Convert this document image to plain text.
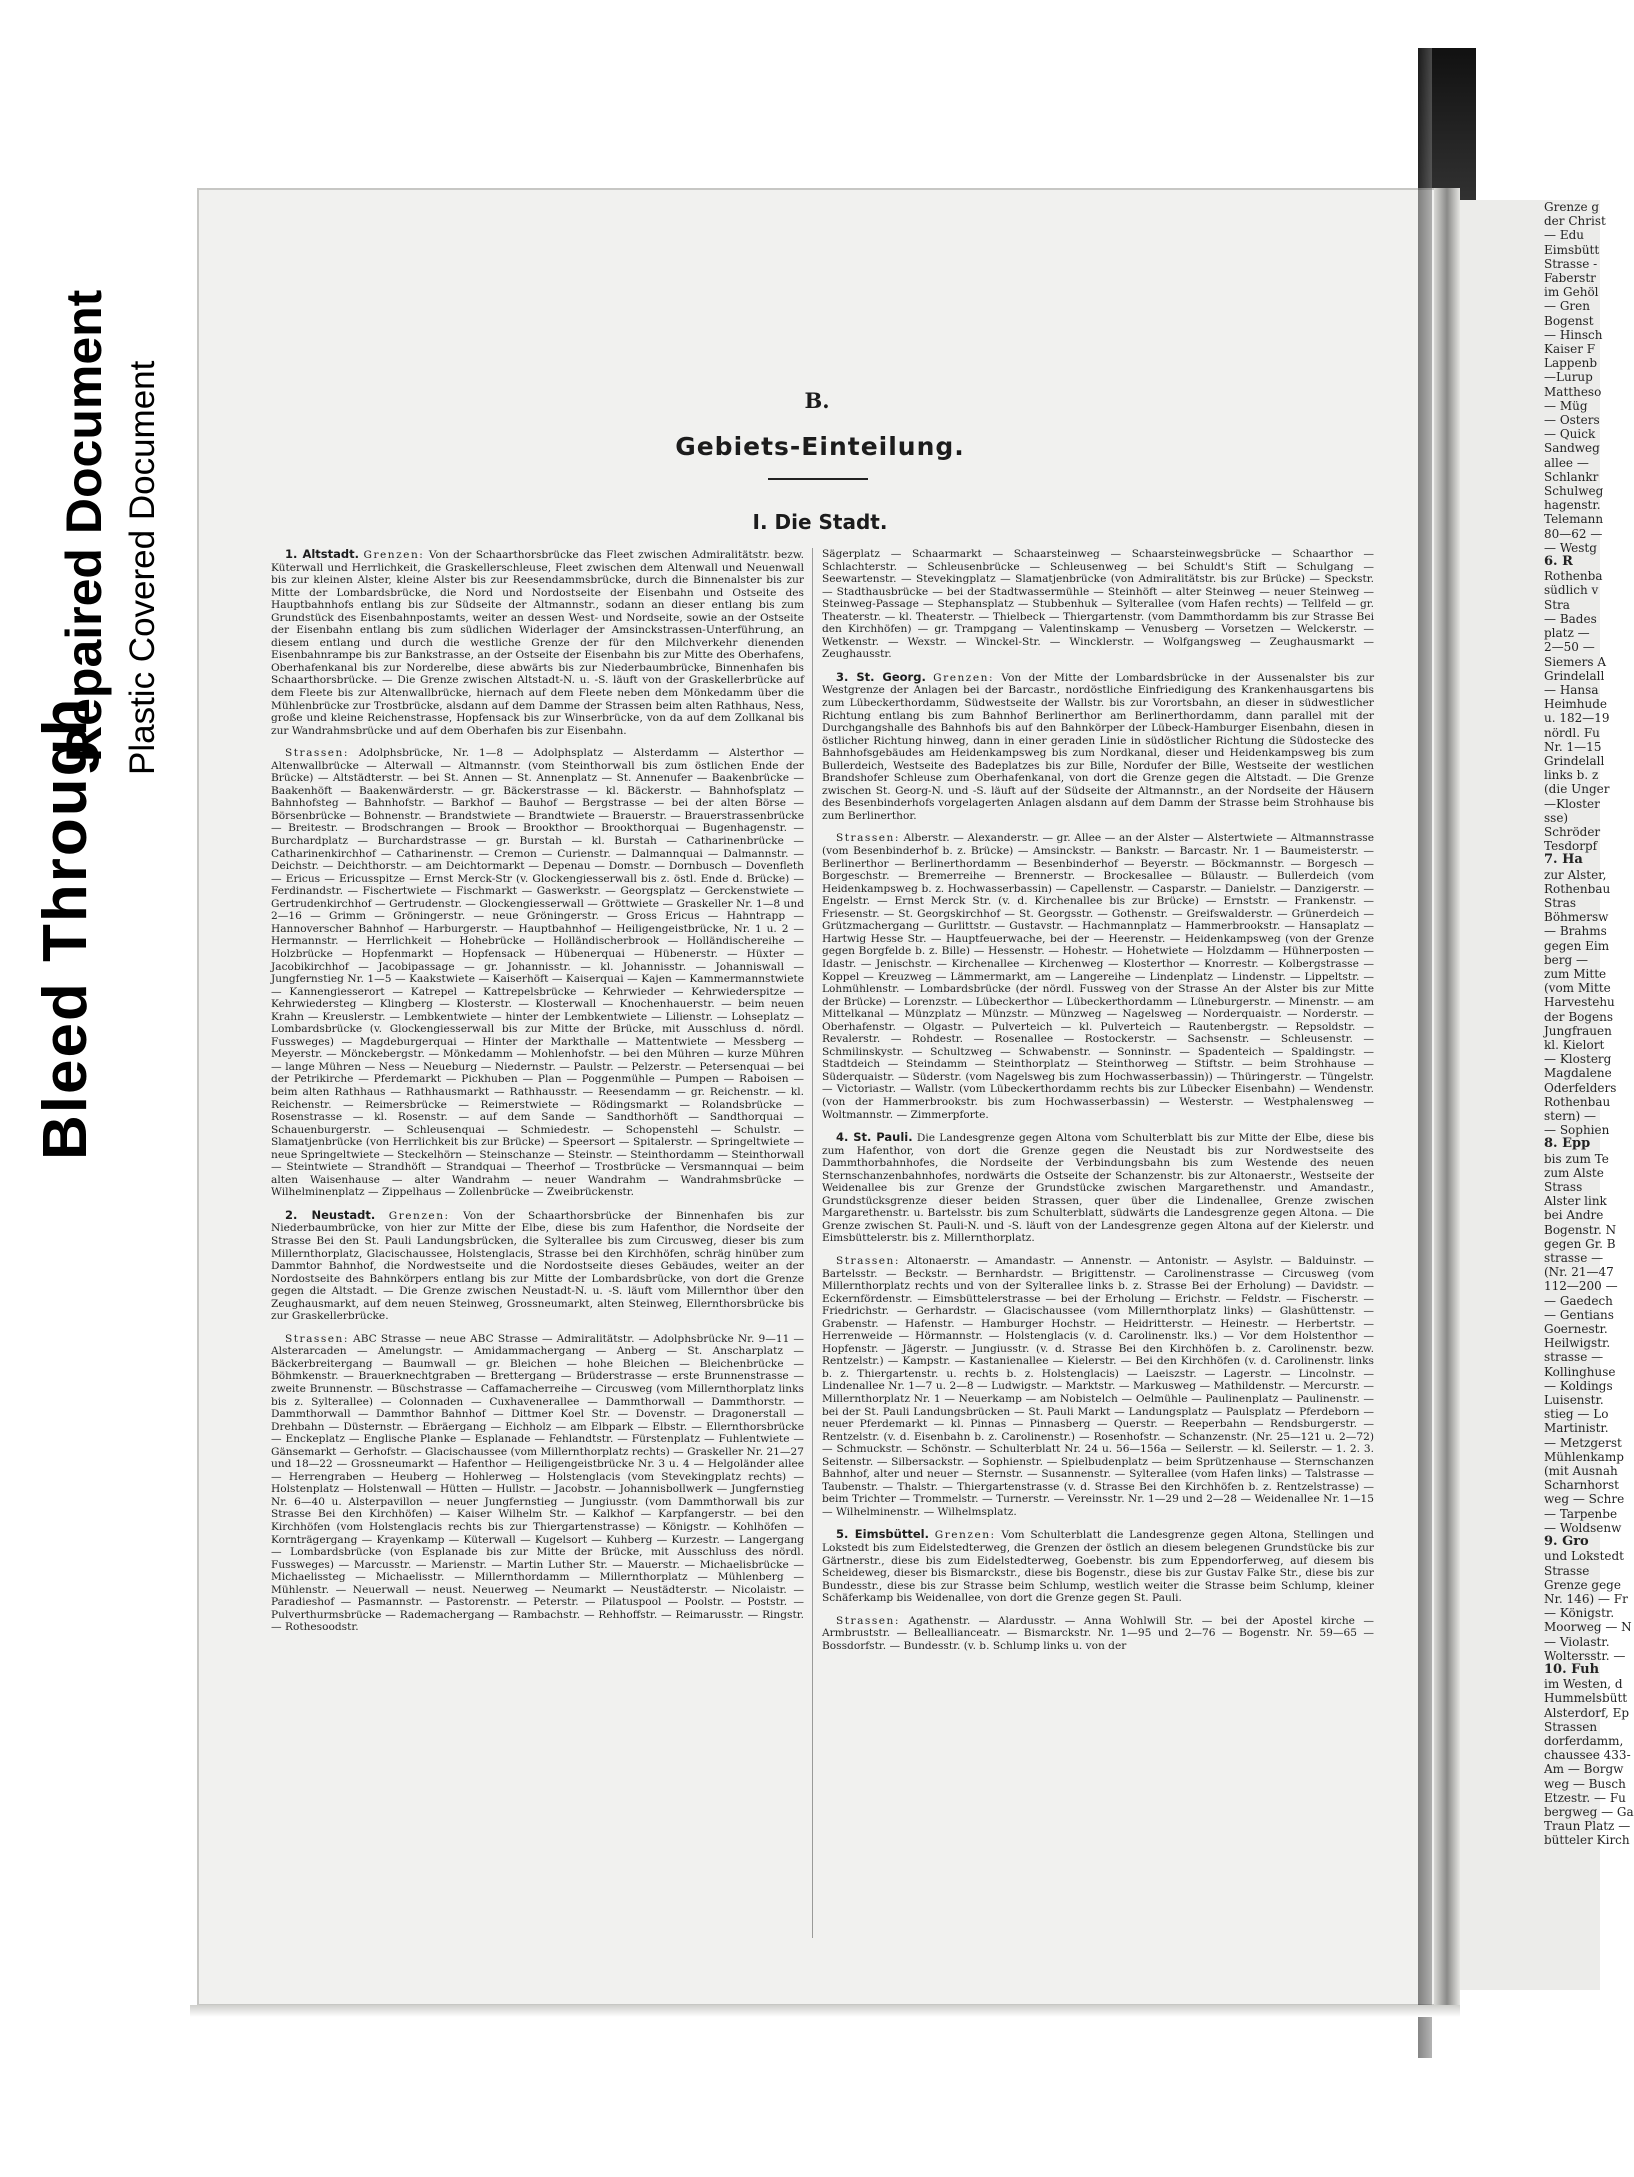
Bleed Through
Repaired Document Plastic Covered Document
Grenze g
der Christ
— Edu
Eimsbütt
Strasse -
Faberstr
im Gehöl
— Gren
Bogenst
— Hinsch
Kaiser F
Lappenb
—Lurup
Mattheso
— Müg
— Osters
— Quick
Sandweg
allee —
Schlankr
Schulweg
hagenstr.
Telemann
80—62 —
— Westg
6. R
Rothenba
südlich v
Stra
— Bades
platz —
2—50 —
Siemers A
Grindelall
— Hansa
Heimhude
u. 182—19
nördl. Fu
Nr. 1—15
Grindelall
links b. z
(die Unger
—Kloster
sse)
Schröder
Tesdorpf
7. Ha
zur Alster,
Rothenbau
Stras
Böhmersw
— Brahms
gegen Eim
berg —
zum Mitte
(vom Mitte
Harvestehu
der Bogens
Jungfrauen
kl. Kielort
— Klosterg
Magdalene
Oderfelders
Rothenbau
stern) —
— Sophien
8. Epp
bis zum Te
zum Alste
Strass
Alster link
bei Andre
Bogenstr. N
gegen Gr. B
strasse —
(Nr. 21—47
112—200 —
— Gaedech
— Gentians
Goernestr.
Heilwigstr.
strasse —
Kollinghuse
— Koldings
Luisenstr.
stieg — Lo
Martinistr.
— Metzgerst
Mühlenkamp
(mit Ausnah
Scharnhorst
weg — Schre
— Tarpenbe
— Woldsenw
9. Gro
und Lokstedt
Strasse
Grenze gege
Nr. 146) — Fr
— Königstr.
Moorweg — N
— Violastr.
Woltersstr. —
10. Fuh
im Westen, d
Hummelsbütt
Alsterdorf, Ep
Strassen
dorferdamm,
chaussee 433-
Am — Borgw
weg — Busch
Etzestr. — Fu
bergweg — Ga
Traun Platz —
bütteler Kirch
B.
Gebiets-Einteilung.
I. Die Stadt.

1. Altstadt. Grenzen: Von der Schaarthorsbrücke das Fleet zwischen Admiralitätstr. bezw. Küterwall und Herrlichkeit, die Graskellerschleuse, Fleet zwischen dem Altenwall und Neuenwall bis zur kleinen Alster, kleine Alster bis zur Reesendammsbrücke, durch die Binnenalster bis zur Mitte der Lombardsbrücke, die Nord und Nordostseite der Eisenbahn und Ostseite des Hauptbahnhofs entlang bis zur Südseite der Altmannstr., sodann an dieser entlang bis zum Grundstück des Eisenbahnpostamts, weiter an dessen West- und Nordseite, sowie an der Ostseite der Eisenbahn entlang bis zum südlichen Widerlager der Amsinckstrassen-Unterführung, an diesem entlang und durch die westliche Grenze der für den Milchverkehr dienenden Eisenbahnrampe bis zur Bankstrasse, an der Ostseite der Eisenbahn bis zur Mitte des Oberhafens, Oberhafenkanal bis zur Norderelbe, diese abwärts bis zur Niederbaumbrücke, Binnenhafen bis Schaarthorsbrücke. — Die Grenze zwischen Altstadt-N. u. -S. läuft von der Graskellerbrücke auf dem Fleete bis zur Altenwallbrücke, hiernach auf dem Fleete neben dem Mönkedamm über die Mühlenbrücke zur Trostbrücke, alsdann auf dem Damme der Strassen beim alten Rathhaus, Ness, große und kleine Reichenstrasse, Hopfensack bis zur Winserbrücke, von da auf dem Zollkanal bis zur Wandrahmsbrücke und auf dem Oberhafen bis zur Eisenbahn.

Strassen: Adolphsbrücke, Nr. 1—8 — Adolphsplatz — Alsterdamm — Alsterthor — Altenwallbrücke — Alterwall — Altmannstr. (vom Steinthorwall bis zum östlichen Ende der Brücke) — Altstädterstr. — bei St. Annen — St. Annenplatz — St. Annenufer — Baakenbrücke — Baakenhöft — Baakenwärderstr. — gr. Bäckerstrasse — kl. Bäckerstr. — Bahnhofsplatz — Bahnhofsteg — Bahnhofstr. — Barkhof — Bauhof — Bergstrasse — bei der alten Börse — Börsenbrücke — Bohnenstr. — Brandstwiete — Brandtwiete — Brauerstr. — Brauerstrassenbrücke — Breitestr. — Brodschrangen — Brook — Brookthor — Brookthorquai — Bugenhagenstr. — Burchardplatz — Burchardstrasse — gr. Burstah — kl. Burstah — Catharinenbrücke — Catharinenkirchhof — Catharinenstr. — Cremon — Curienstr. — Dalmannquai — Dalmannstr. — Deichstr. — Deichthorstr. — am Deichtormarkt — Depenau — Domstr. — Dornbusch — Dovenfleth — Ericus — Ericusspitze — Ernst Merck-Str (v. Glockengiesserwall bis z. östl. Ende d. Brücke) — Ferdinandstr. — Fischertwiete — Fischmarkt — Gaswerkstr. — Georgsplatz — Gerckenstwiete — Gertrudenkirchhof — Gertrudenstr. — Glockengiesserwall — Gröttwiete — Graskeller Nr. 1—8 und 2—16 — Grimm — Gröningerstr. — neue Gröningerstr. — Gross Ericus — Hahntrapp — Hannoverscher Bahnhof — Harburgerstr. — Hauptbahnhof — Heiligengeistbrücke, Nr. 1 u. 2 — Hermannstr. — Herrlichkeit — Hohebrücke — Holländischerbrook — Holländischereihe — Holzbrücke — Hopfenmarkt — Hopfensack — Hübenerquai — Hübenerstr. — Hüxter — Jacobikirchhof — Jacobipassage — gr. Johannisstr. — kl. Johannisstr. — Johanniswall — Jungfernstieg Nr. 1—5 — Kaakstwiete — Kaiserhöft — Kaiserquai — Kajen — Kammermannstwiete — Kannengiesserort — Katrepel — Kattrepelsbrücke — Kehrwieder — Kehrwiederspitze — Kehrwiedersteg — Klingberg — Klosterstr. — Klosterwall — Knochenhauerstr. — beim neuen Krahn — Kreuslerstr. — Lembkentwiete — hinter der Lembkentwiete — Lilienstr. — Lohseplatz — Lombardsbrücke (v. Glockengiesserwall bis zur Mitte der Brücke, mit Ausschluss d. nördl. Fussweges) — Magdeburgerquai — Hinter der Markthalle — Mattentwiete — Messberg — Meyerstr. — Mönckebergstr. — Mönkedamm — Mohlenhofstr. — bei den Mühren — kurze Mühren — lange Mühren — Ness — Neueburg — Niedernstr. — Paulstr. — Pelzerstr. — Petersenquai — bei der Petrikirche — Pferdemarkt — Pickhuben — Plan — Poggenmühle — Pumpen — Raboisen — beim alten Rathhaus — Rathhausmarkt — Rathhausstr. — Reesendamm — gr. Reichenstr. — kl. Reichenstr. — Reimersbrücke — Reimerstwiete — Rödingsmarkt — Rolandsbrücke — Rosenstrasse — kl. Rosenstr. — auf dem Sande — Sandthorhöft — Sandthorquai — Schauenburgerstr. — Schleusenquai — Schmiedestr. — Schopenstehl — Schulstr. — Slamatjenbrücke (von Herrlichkeit bis zur Brücke) — Speersort — Spitalerstr. — Springeltwiete — neue Springeltwiete — Steckelhörn — Steinschanze — Steinstr. — Steinthordamm — Steinthorwall — Steintwiete — Strandhöft — Strandquai — Theerhof — Trostbrücke — Versmannquai — beim alten Waisenhause — alter Wandrahm — neuer Wandrahm — Wandrahmsbrücke — Wilhelminenplatz — Zippelhaus — Zollenbrücke — Zweibrückenstr.

2. Neustadt. Grenzen: Von der Schaarthorsbrücke der Binnenhafen bis zur Niederbaumbrücke, von hier zur Mitte der Elbe, diese bis zum Hafenthor, die Nordseite der Strasse Bei den St. Pauli Landungsbrücken, die Sylterallee bis zum Circusweg, dieser bis zum Millernthorplatz, Glacischaussee, Holstenglacis, Strasse bei den Kirchhöfen, schräg hinüber zum Dammtor Bahnhof, die Nordwestseite und die Nordostseite dieses Gebäudes, weiter an der Nordostseite des Bahnkörpers entlang bis zur Mitte der Lombardsbrücke, von dort die Grenze gegen die Altstadt. — Die Grenze zwischen Neustadt-N. u. -S. läuft vom Millernthor über den Zeughausmarkt, auf dem neuen Steinweg, Grossneumarkt, alten Steinweg, Ellernthorsbrücke bis zur Graskellerbrücke.

Strassen: ABC Strasse — neue ABC Strasse — Admiralitätstr. — Adolphsbrücke Nr. 9—11 — Alsterarcaden — Amelungstr. — Amidammachergang — Anberg — St. Anscharplatz — Bäckerbreitergang — Baumwall — gr. Bleichen — hohe Bleichen — Bleichenbrücke — Böhmkenstr. — Brauerknechtgraben — Brettergang — Brüderstrasse — erste Brunnenstrasse — zweite Brunnenstr. — Büschstrasse — Caffamacherreihe — Circusweg (vom Millernthorplatz links bis z. Sylterallee) — Colonnaden — Cuxhavenerallee — Dammthorwall — Dammthorstr. — Dammthorwall — Dammthor Bahnhof — Dittmer Koel Str. — Dovenstr. — Dragonerstall — Drehbahn — Düsternstr. — Ebräergang — Eichholz — am Elbpark — Elbstr. — Ellernthorsbrücke — Enckeplatz — Englische Planke — Esplanade — Fehlandtstr. — Fürstenplatz — Fuhlentwiete — Gänsemarkt — Gerhofstr. — Glacischaussee (vom Millernthorplatz rechts) — Graskeller Nr. 21—27 und 18—22 — Grossneumarkt — Hafenthor — Heiligengeistbrücke Nr. 3 u. 4 — Helgoländer allee — Herrengraben — Heuberg — Hohlerweg — Holstenglacis (vom Stevekingplatz rechts) — Holstenplatz — Holstenwall — Hütten — Hullstr. — Jacobstr. — Johannisbollwerk — Jungfernstieg Nr. 6—40 u. Alsterpavillon — neuer Jungfernstieg — Jungiusstr. (vom Dammthorwall bis zur Strasse Bei den Kirchhöfen) — Kaiser Wilhelm Str. — Kalkhof — Karpfangerstr. — bei den Kirchhöfen (vom Holstenglacis rechts bis zur Thiergartenstrasse) — Königstr. — Kohlhöfen — Kornträgergang — Krayenkamp — Küterwall — Kugelsort — Kuhberg — Kurzestr. — Langergang — Lombardsbrücke (von Esplanade bis zur Mitte der Brücke, mit Ausschluss des nördl. Fussweges) — Marcusstr. — Marienstr. — Martin Luther Str. — Mauerstr. — Michaelisbrücke — Michaelissteg — Michaelisstr. — Millernthordamm — Millernthorplatz — Mühlenberg — Mühlenstr. — Neuerwall — neust. Neuerweg — Neumarkt — Neustädterstr. — Nicolaistr. — Paradieshof — Pasmannstr. — Pastorenstr. — Peterstr. — Pilatuspool — Poolstr. — Poststr. — Pulverthurmsbrücke — Rademachergang — Rambachstr. — Rehhoffstr. — Reimarusstr. — Ringstr. — Rothesoodstr.

Sägerplatz — Schaarmarkt — Schaarsteinweg — Schaarsteinwegsbrücke — Schaarthor — Schlachterstr. — Schleusenbrücke — Schleusenweg — bei Schuldt's Stift — Schulgang — Seewartenstr. — Stevekingplatz — Slamatjenbrücke (von Admiralitätstr. bis zur Brücke) — Speckstr. — Stadthausbrücke — bei der Stadtwassermühle — Steinhöft — alter Steinweg — neuer Steinweg — Steinweg-Passage — Stephansplatz — Stubbenhuk — Sylterallee (vom Hafen rechts) — Tellfeld — gr. Theaterstr. — kl. Theaterstr. — Thielbeck — Thiergartenstr. (vom Dammthordamm bis zur Strasse Bei den Kirchhöfen) — gr. Trampgang — Valentinskamp — Venusberg — Vorsetzen — Welckerstr. — Wetkenstr. — Wexstr. — Winckel-Str. — Wincklerstr. — Wolfgangsweg — Zeughausmarkt — Zeughausstr.

3. St. Georg. Grenzen: Von der Mitte der Lombardsbrücke in der Aussenalster bis zur Westgrenze der Anlagen bei der Barcastr., nordöstliche Einfriedigung des Krankenhausgartens bis zum Lübeckerthordamm, Südwestseite der Wallstr. bis zur Vorortsbahn, an dieser in südwestlicher Richtung entlang bis zum Bahnhof Berlinerthor am Berlinerthordamm, dann parallel mit der Durchgangshalle des Bahnhofs bis auf den Bahnkörper der Lübeck-Hamburger Eisenbahn, diesen in östlicher Richtung hinweg, dann in einer geraden Linie in südöstlicher Richtung die Südostecke des Bahnhofsgebäudes am Heidenkampsweg bis zum Nordkanal, dieser und Heidenkampsweg bis zum Bullerdeich, Westseite des Badeplatzes bis zur Bille, Nordufer der Bille, Westseite der westlichen Brandshofer Schleuse zum Oberhafenkanal, von dort die Grenze gegen die Altstadt. — Die Grenze zwischen St. Georg-N. und -S. läuft auf der Südseite der Altmannstr., an der Nordseite der Häusern des Besenbinderhofs vorgelagerten Anlagen alsdann auf dem Damm der Strasse beim Strohhause bis zum Berlinerthor.

Strassen: Alberstr. — Alexanderstr. — gr. Allee — an der Alster — Alstertwiete — Altmannstrasse (vom Besenbinderhof b. z. Brücke) — Amsinckstr. — Bankstr. — Barcastr. Nr. 1 — Baumeisterstr. — Berlinerthor — Berlinerthordamm — Besenbinderhof — Beyerstr. — Böckmannstr. — Borgesch — Borgeschstr. — Bremerreihe — Brennerstr. — Brockesallee — Bülaustr. — Bullerdeich (vom Heidenkampsweg b. z. Hochwasserbassin) — Capellenstr. — Casparstr. — Danielstr. — Danzigerstr. — Engelstr. — Ernst Merck Str. (v. d. Kirchenallee bis zur Brücke) — Ernststr. — Frankenstr. — Friesenstr. — St. Georgskirchhof — St. Georgsstr. — Gothenstr. — Greifswalderstr. — Grünerdeich — Grützmachergang — Gurlittstr. — Gustavstr. — Hachmannplatz — Hammerbrookstr. — Hansaplatz — Hartwig Hesse Str. — Hauptfeuerwache, bei der — Heerenstr. — Heidenkampsweg (von der Grenze gegen Borgfelde b. z. Bille) — Hessenstr. — Hohestr. — Hohetwiete — Holzdamm — Hühnerposten — Idastr. — Jenischstr. — Kirchenallee — Kirchenweg — Klosterthor — Knorrestr. — Kolbergstrasse — Koppel — Kreuzweg — Lämmermarkt, am — Langereihe — Lindenplatz — Lindenstr. — Lippeltstr. — Lohmühlenstr. — Lombardsbrücke (der nördl. Fussweg von der Strasse An der Alster bis zur Mitte der Brücke) — Lorenzstr. — Lübeckerthor — Lübeckerthordamm — Lüneburgerstr. — Minenstr. — am Mittelkanal — Münzplatz — Münzstr. — Münzweg — Nagelsweg — Norderquaistr. — Norderstr. — Oberhafenstr. — Olgastr. — Pulverteich — kl. Pulverteich — Rautenbergstr. — Repsoldstr. — Revalerstr. — Rohdestr. — Rosenallee — Rostockerstr. — Sachsenstr. — Schleusenstr. — Schmilinskystr. — Schultzweg — Schwabenstr. — Sonninstr. — Spadenteich — Spaldingstr. — Stadtdeich — Steindamm — Steinthorplatz — Steinthorweg — Stiftstr. — beim Strohhause — Süderquaistr. — Süderstr. (vom Nagelsweg bis zum Hochwasserbassin)) — Thüringerstr. — Tüngelstr. — Victoriastr. — Wallstr. (vom Lübeckerthordamm rechts bis zur Lübecker Eisenbahn) — Wendenstr. (von der Hammerbrookstr. bis zum Hochwasserbassin) — Westerstr. — Westphalensweg — Woltmannstr. — Zimmerpforte.

4. St. Pauli. Die Landesgrenze gegen Altona vom Schulterblatt bis zur Mitte der Elbe, diese bis zum Hafenthor, von dort die Grenze gegen die Neustadt bis zur Nordwestseite des Dammthorbahnhofes, die Nordseite der Verbindungsbahn bis zum Westende des neuen Sternschanzenbahnhofes, nordwärts die Ostseite der Schanzenstr. bis zur Altonaerstr., Westseite der Weidenallee bis zur Grenze der Grundstücke zwischen Margarethenstr. und Amandastr., Grundstücksgrenze dieser beiden Strassen, quer über die Lindenallee, Grenze zwischen Margarethenstr. u. Bartelsstr. bis zum Schulterblatt, südwärts die Landesgrenze gegen Altona. — Die Grenze zwischen St. Pauli-N. und -S. läuft von der Landesgrenze gegen Altona auf der Kielerstr. und Eimsbüttelerstr. bis z. Millernthorplatz.

Strassen: Altonaerstr. — Amandastr. — Annenstr. — Antonistr. — Asylstr. — Balduinstr. — Bartelsstr. — Beckstr. — Bernhardstr. — Brigittenstr. — Carolinenstrasse — Circusweg (vom Millernthorplatz rechts und von der Sylterallee links b. z. Strasse Bei der Erholung) — Davidstr. — Eckernfördenstr. — Eimsbüttelerstrasse — bei der Erholung — Erichstr. — Feldstr. — Fischerstr. — Friedrichstr. — Gerhardstr. — Glacischaussee (vom Millernthorplatz links) — Glashüttenstr. — Grabenstr. — Hafenstr. — Hamburger Hochstr. — Heidritterstr. — Heinestr. — Herbertstr. — Herrenweide — Hörmannstr. — Holstenglacis (v. d. Carolinenstr. lks.) — Vor dem Holstenthor — Hopfenstr. — Jägerstr. — Jungiusstr. (v. d. Strasse Bei den Kirchhöfen b. z. Carolinenstr. bezw. Rentzelstr.) — Kampstr. — Kastanienallee — Kielerstr. — Bei den Kirchhöfen (v. d. Carolinenstr. links b. z. Thiergartenstr. u. rechts b. z. Holstenglacis) — Laeiszstr. — Lagerstr. — Lincolnstr. — Lindenallee Nr. 1—7 u. 2—8 — Ludwigstr. — Marktstr. — Markusweg — Mathildenstr. — Mercurstr. — Millernthorplatz Nr. 1 — Neuerkamp — am Nobistelch — Oelmühle — Paulinenplatz — Paulinenstr. — bei der St. Pauli Landungsbrücken — St. Pauli Markt — Landungsplatz — Paulsplatz — Pferdeborn — neuer Pferdemarkt — kl. Pinnas — Pinnasberg — Querstr. — Reeperbahn — Rendsburgerstr. — Rentzelstr. (v. d. Eisenbahn b. z. Carolinenstr.) — Rosenhofstr. — Schanzenstr. (Nr. 25—121 u. 2—72) — Schmuckstr. — Schönstr. — Schulterblatt Nr. 24 u. 56—156a — Seilerstr. — kl. Seilerstr. — 1. 2. 3. Seitenstr. — Silbersackstr. — Sophienstr. — Spielbudenplatz — beim Sprützenhause — Sternschanzen Bahnhof, alter und neuer — Sternstr. — Susannenstr. — Sylterallee (vom Hafen links) — Talstrasse — Taubenstr. — Thalstr. — Thiergartenstrasse (v. d. Strasse Bei den Kirchhöfen b. z. Rentzelstrasse) — beim Trichter — Trommelstr. — Turnerstr. — Vereinsstr. Nr. 1—29 und 2—28 — Weidenallee Nr. 1—15 — Wilhelminenstr. — Wilhelmsplatz.

5. Eimsbüttel. Grenzen: Vom Schulterblatt die Landesgrenze gegen Altona, Stellingen und Lokstedt bis zum Eidelstedterweg, die Grenzen der östlich an diesem belegenen Grundstücke bis zur Gärtnerstr., diese bis zum Eidelstedterweg, Goebenstr. bis zum Eppendorferweg, auf diesem bis Scheideweg, dieser bis Bismarckstr., diese bis Bogenstr., diese bis zur Gustav Falke Str., diese bis zur Bundesstr., diese bis zur Strasse beim Schlump, westlich weiter die Strasse beim Schlump, kleiner Schäferkamp bis Weidenallee, von dort die Grenze gegen St. Pauli.

Strassen: Agathenstr. — Alardusstr. — Anna Wohlwill Str. — bei der Apostel kirche — Armbruststr. — Belleallianceatr. — Bismarckstr. Nr. 1—95 und 2—76 — Bogenstr. Nr. 59—65 — Bossdorfstr. — Bundesstr. (v. b. Schlump links u. von der
